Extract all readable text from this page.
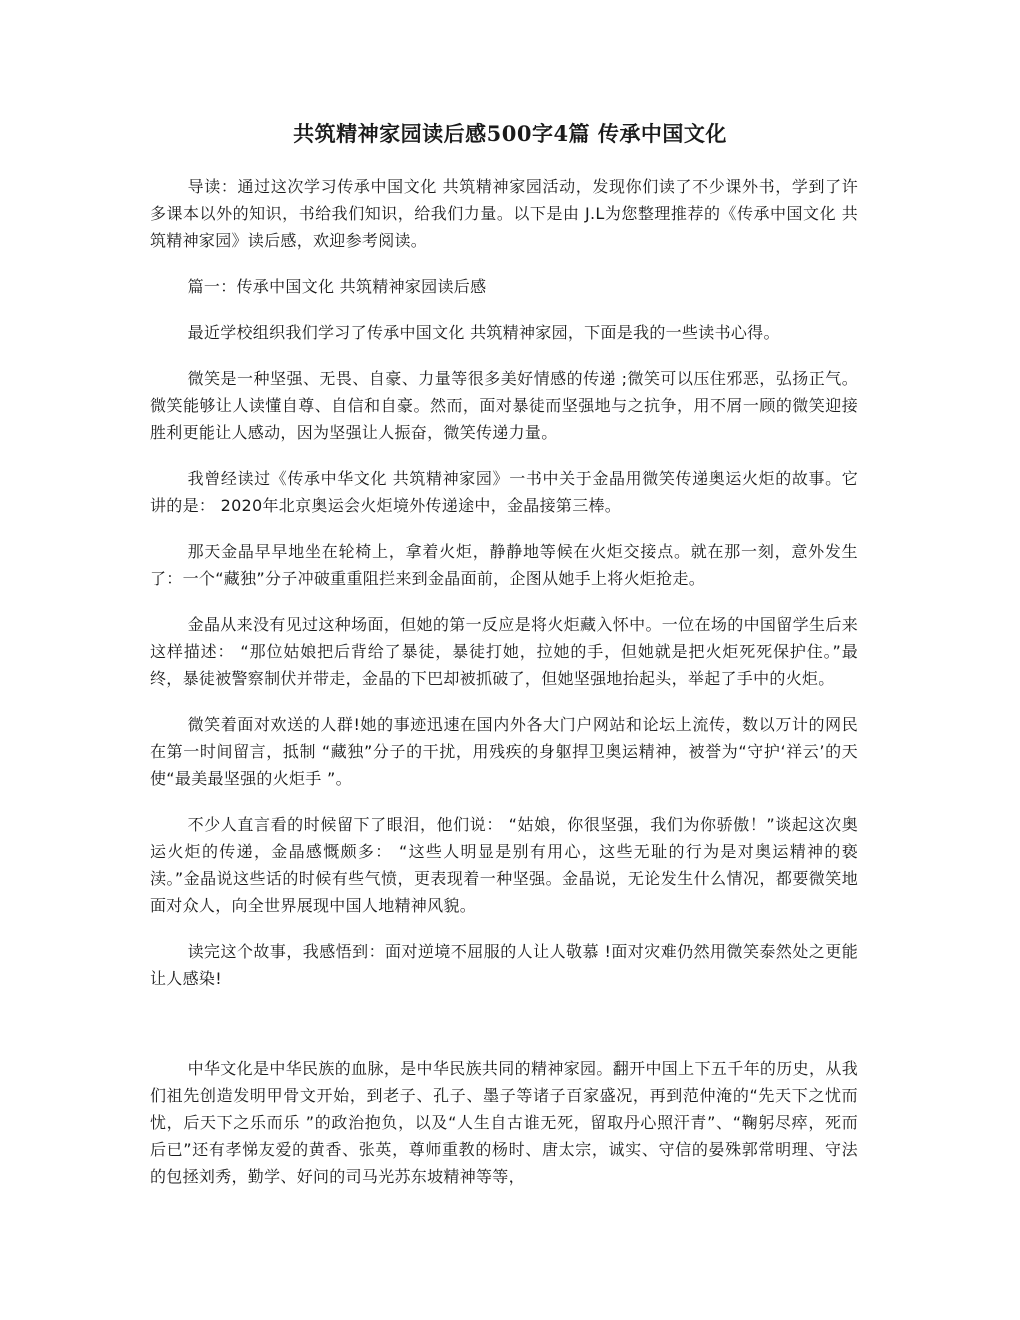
共筑精神家园读后感500字4篇 传承中国文化

导读：通过这次学习传承中国文化 共筑精神家园活动，发现你们读了不少课外书，学到了许多课本以外的知识，书给我们知识，给我们力量。以下是由 J.L为您整理推荐的《传承中国文化 共筑精神家园》读后感，欢迎参考阅读。

篇一：传承中国文化 共筑精神家园读后感

最近学校组织我们学习了传承中国文化 共筑精神家园，下面是我的一些读书心得。

微笑是一种坚强、无畏、自豪、力量等很多美好情感的传递 ;微笑可以压住邪恶，弘扬正气。微笑能够让人读懂自尊、自信和自豪。然而，面对暴徒而坚强地与之抗争，用不屑一顾的微笑迎接胜利更能让人感动，因为坚强让人振奋，微笑传递力量。

我曾经读过《传承中华文化 共筑精神家园》一书中关于金晶用微笑传递奥运火炬的故事。它讲的是： 2020年北京奥运会火炬境外传递途中，金晶接第三棒。

那天金晶早早地坐在轮椅上，拿着火炬，静静地等候在火炬交接点。就在那一刻，意外发生了：一个“藏独”分子冲破重重阻拦来到金晶面前，企图从她手上将火炬抢走。

金晶从来没有见过这种场面，但她的第一反应是将火炬藏入怀中。一位在场的中国留学生后来这样描述： “那位姑娘把后背给了暴徒，暴徒打她，拉她的手，但她就是把火炬死死保护住。”最终，暴徒被警察制伏并带走，金晶的下巴却被抓破了，但她坚强地抬起头，举起了手中的火炬。

微笑着面对欢送的人群!她的事迹迅速在国内外各大门户网站和论坛上流传，数以万计的网民在第一时间留言，抵制 “藏独”分子的干扰，用残疾的身躯捍卫奥运精神，被誉为“守护‘祥云’的天使“最美最坚强的火炬手 ”。

不少人直言看的时候留下了眼泪，他们说： “姑娘，你很坚强，我们为你骄傲！”谈起这次奥运火炬的传递，金晶感慨颇多： “这些人明显是别有用心，这些无耻的行为是对奥运精神的亵渎。”金晶说这些话的时候有些气愤，更表现着一种坚强。金晶说，无论发生什么情况，都要微笑地面对众人，向全世界展现中国人地精神风貌。

读完这个故事，我感悟到：面对逆境不屈服的人让人敬慕 !面对灾难仍然用微笑泰然处之更能让人感染!

中华文化是中华民族的血脉，是中华民族共同的精神家园。翻开中国上下五千年的历史，从我们祖先创造发明甲骨文开始，到老子、孔子、墨子等诸子百家盛况，再到范仲淹的“先天下之忧而忧，后天下之乐而乐 ”的政治抱负，以及“人生自古谁无死，留取丹心照汗青”、“鞠躬尽瘁，死而后已”还有孝悌友爱的黄香、张英，尊师重教的杨时、唐太宗，诚实、守信的晏殊郭常明理、守法的包拯刘秀，勤学、好问的司马光苏东坡精神等等，
